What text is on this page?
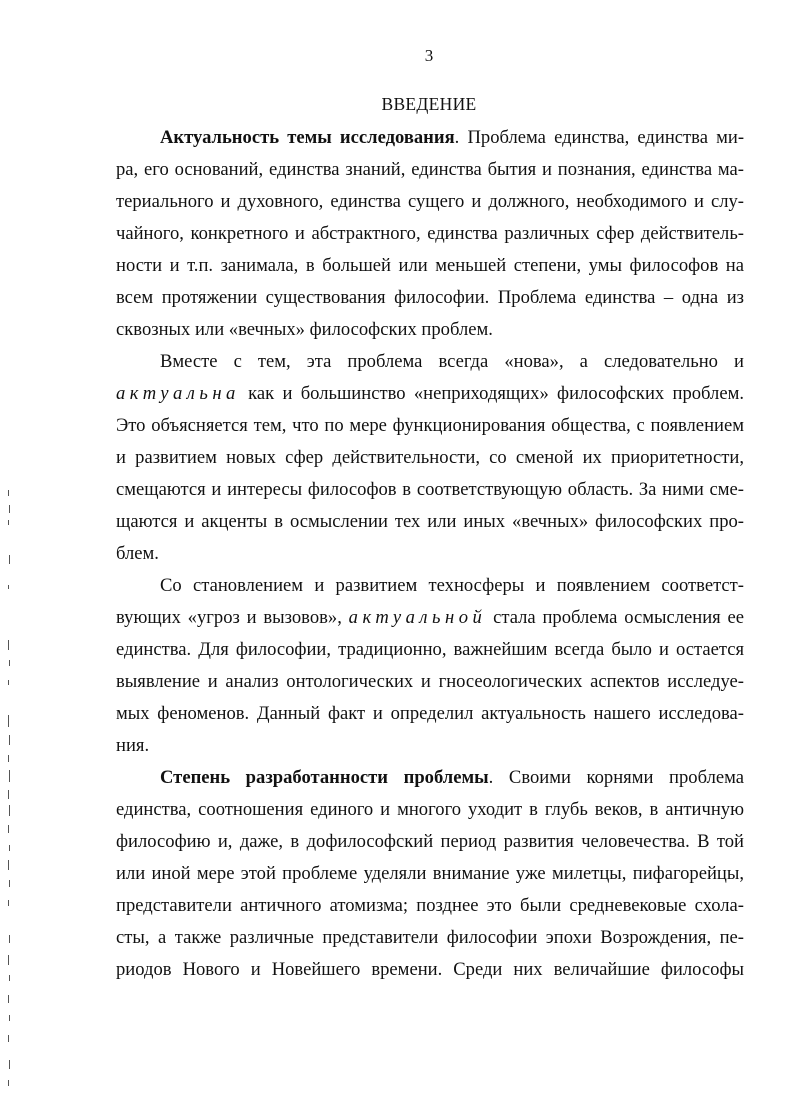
3
ВВЕДЕНИЕ
Актуальность темы исследования. Проблема единства, единства ми-
ра, его оснований, единства знаний, единства бытия и познания, единства ма-
териального и духовного, единства сущего и должного, необходимого и слу-
чайного, конкретного и абстрактного, единства различных сфер действитель-
ности и т.п. занимала, в большей или меньшей степени, умы философов на
всем протяжении существования философии. Проблема единства – одна из
сквозных или «вечных» философских проблем.
Вместе с тем, эта проблема всегда «нова», а следовательно и
актуальна как и большинство «неприходящих» философских проблем.
Это объясняется тем, что по мере функционирования общества, с появлением
и развитием новых сфер действительности, со сменой их приоритетности,
смещаются и интересы философов в соответствующую область. За ними сме-
щаются и акценты в осмыслении тех или иных «вечных» философских про-
блем.
Со становлением и развитием техносферы и появлением соответст-
вующих «угроз и вызовов», актуальной стала проблема осмысления ее
единства. Для философии, традиционно, важнейшим всегда было и остается
выявление и анализ онтологических и гносеологических аспектов исследуе-
мых феноменов. Данный факт и определил актуальность нашего исследова-
ния.
Степень разработанности проблемы. Своими корнями проблема
единства, соотношения единого и многого уходит в глубь веков, в античную
философию и, даже, в дофилософский период развития человечества. В той
или иной мере этой проблеме уделяли внимание уже милетцы, пифагорейцы,
представители античного атомизма; позднее это были средневековые схола-
сты, а также различные представители философии эпохи Возрождения, пе-
риодов Нового и Новейшего времени. Среди них величайшие философы
